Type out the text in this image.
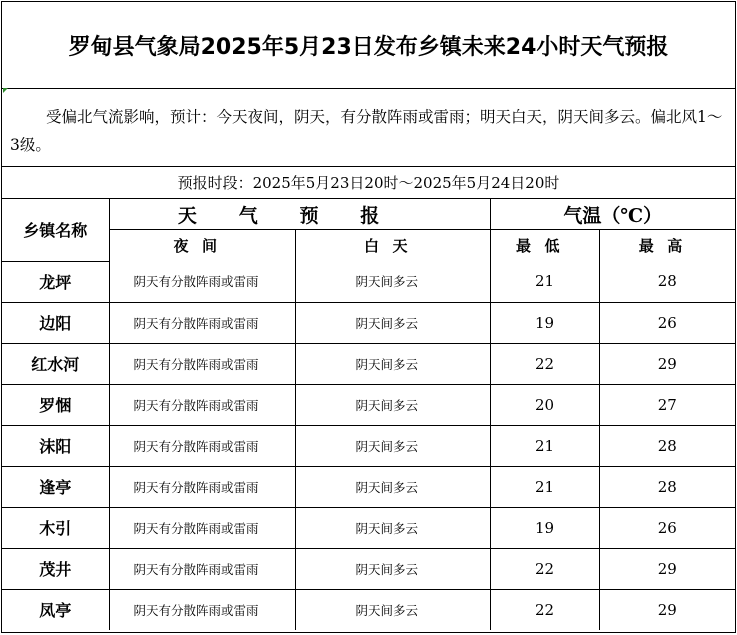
罗甸县气象局2025年5月23日发布乡镇未来24小时天气预报
受偏北气流影响，预计：今天夜间，阴天，有分散阵雨或雷雨；明天白天，阴天间多云。偏北风1～3级。
预报时段：2025年5月23日20时～2025年5月24日20时
乡镇名称	天气预报		气温（℃）	
	夜间	白天	最低	最高
龙坪	阴天有分散阵雨或雷雨	阴天间多云	21	28
边阳	阴天有分散阵雨或雷雨	阴天间多云	19	26
红水河	阴天有分散阵雨或雷雨	阴天间多云	22	29
罗悃	阴天有分散阵雨或雷雨	阴天间多云	20	27
沫阳	阴天有分散阵雨或雷雨	阴天间多云	21	28
逢亭	阴天有分散阵雨或雷雨	阴天间多云	21	28
木引	阴天有分散阵雨或雷雨	阴天间多云	19	26
茂井	阴天有分散阵雨或雷雨	阴天间多云	22	29
凤亭	阴天有分散阵雨或雷雨	阴天间多云	22	29
